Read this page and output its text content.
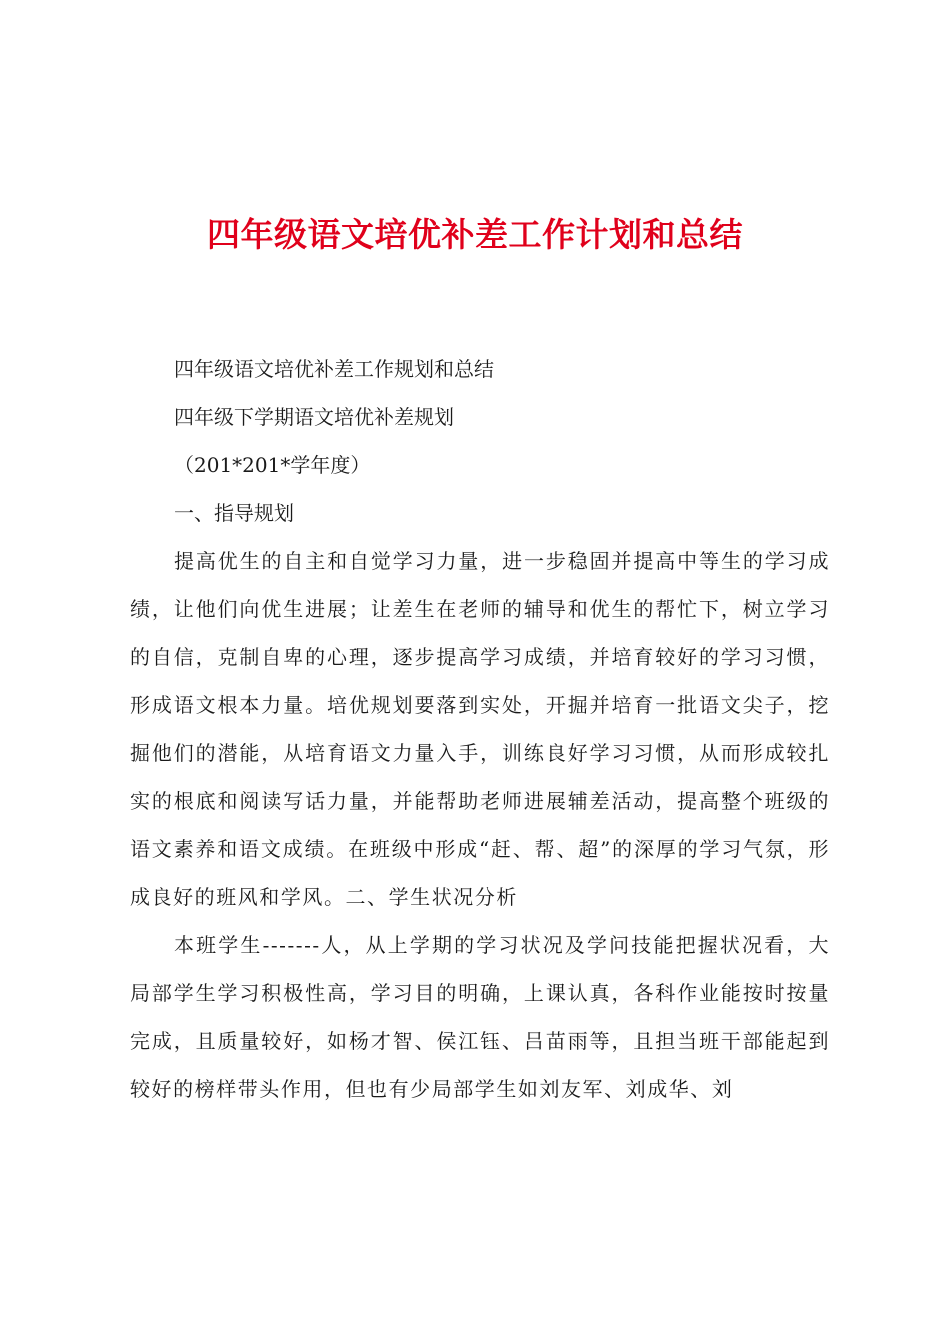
四年级语文培优补差工作计划和总结
四年级语文培优补差工作规划和总结
四年级下学期语文培优补差规划
（201*201*学年度）
一、指导规划

提高优生的自主和自觉学习力量，进一步稳固并提高中等生的学习成绩，让他们向优生进展；让差生在老师的辅导和优生的帮忙下，树立学习的自信，克制自卑的心理，逐步提高学习成绩，并培育较好的学习习惯，形成语文根本力量。培优规划要落到实处，开掘并培育一批语文尖子，挖掘他们的潜能，从培育语文力量入手，训练良好学习习惯，从而形成较扎实的根底和阅读写话力量，并能帮助老师进展辅差活动，提高整个班级的语文素养和语文成绩。在班级中形成“赶、帮、超”的深厚的学习气氛，形成良好的班风和学风。二、学生状况分析

本班学生-------人，从上学期的学习状况及学问技能把握状况看，大局部学生学习积极性高，学习目的明确，上课认真，各科作业能按时按量完成，且质量较好，如杨才智、侯江钰、吕苗雨等，且担当班干部能起到较好的榜样带头作用，但也有少局部学生如刘友军、刘成华、刘
